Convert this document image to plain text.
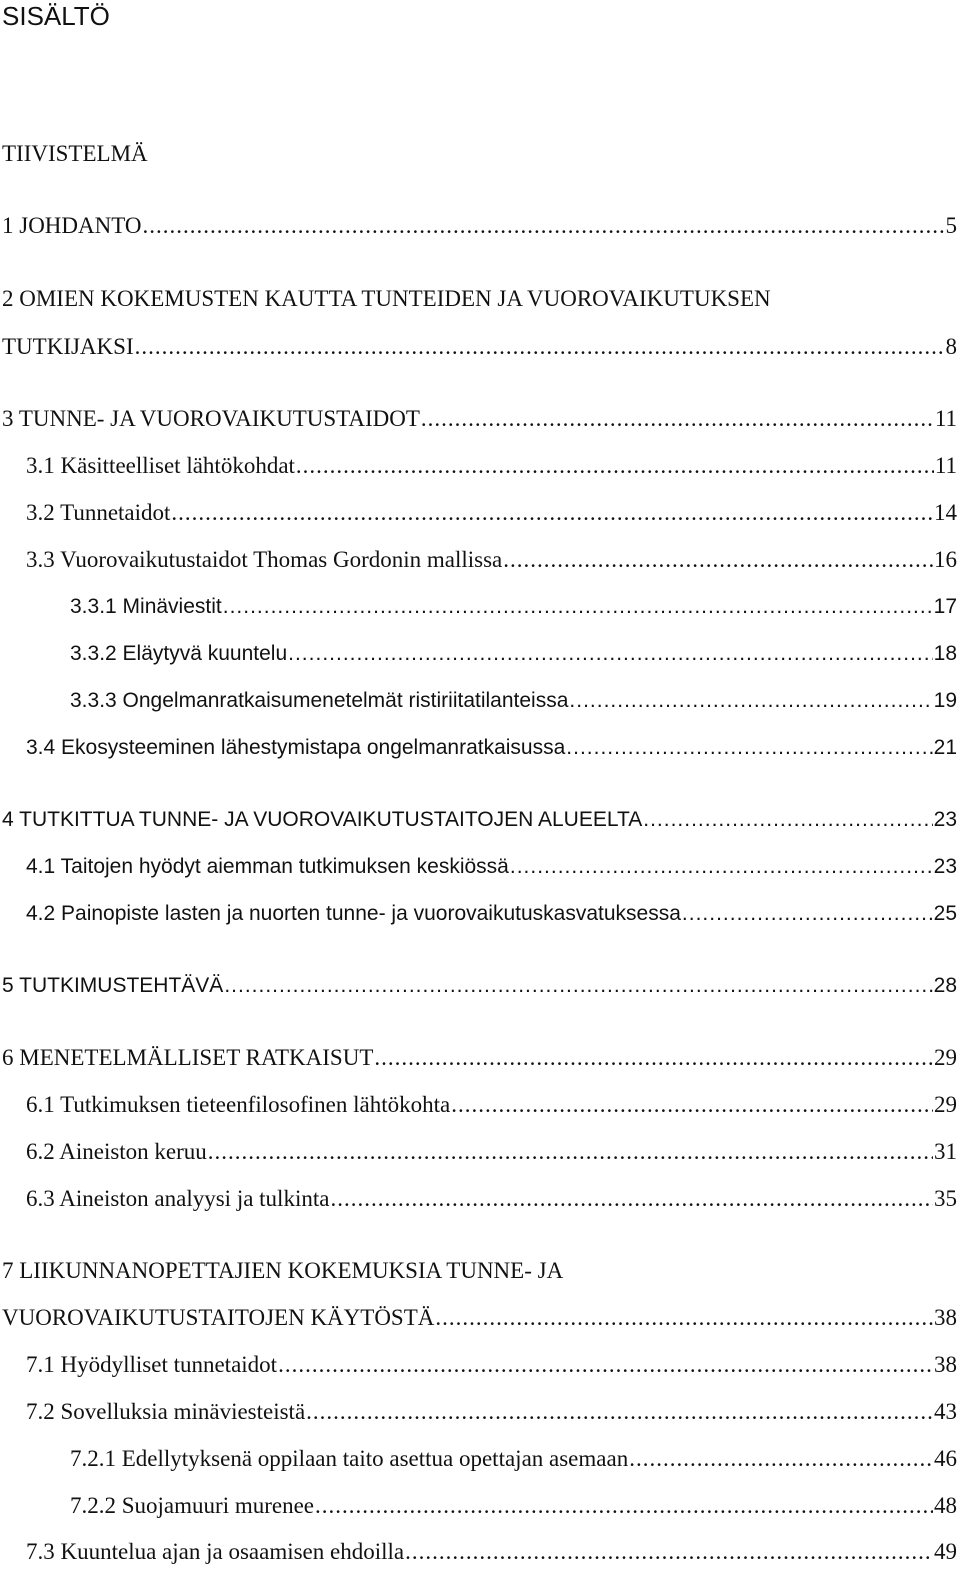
SISÄLTÖ
TIIVISTELMÄ
1 JOHDANTO .....	5
2 OMIEN KOKEMUSTEN KAUTTA TUNTEIDEN JA VUOROVAIKUTUKSEN
TUTKIJAKSI .....	8
3 TUNNE- JA VUOROVAIKUTUSTAIDOT .....	11
3.1 Käsitteelliset lähtökohdat .....	11
3.2 Tunnetaidot .....	14
3.3 Vuorovaikutustaidot Thomas Gordonin mallissa .....	16
3.3.1 Minäviestit .....	17
3.3.2 Eläytyvä kuuntelu .....	18
3.3.3 Ongelmanratkaisumenetelmät ristiriitatilanteissa .....	19
3.4 Ekosysteeminen lähestymistapa ongelmanratkaisussa .....	21
4 TUTKITTUA TUNNE- JA VUOROVAIKUTUSTAITOJEN ALUEELTA .....	23
4.1 Taitojen hyödyt aiemman tutkimuksen keskiössä .....	23
4.2 Painopiste lasten ja nuorten tunne- ja vuorovaikutuskasvatuksessa .....	25
5 TUTKIMUSTEHTÄVÄ .....	28
6 MENETELMÄLLISET RATKAISUT .....	29
6.1 Tutkimuksen tieteenfilosofinen lähtökohta .....	29
6.2 Aineiston keruu .....	31
6.3 Aineiston analyysi ja tulkinta .....	35
7 LIIKUNNANOPETTAJIEN KOKEMUKSIA TUNNE- JA
VUOROVAIKUTUSTAITOJEN KÄYTÖSTÄ .....	38
7.1 Hyödylliset tunnetaidot .....	38
7.2 Sovelluksia minäviesteistä .....	43
7.2.1 Edellytyksenä oppilaan taito asettua opettajan asemaan .....	46
7.2.2 Suojamuuri murenee .....	48
7.3 Kuuntelua ajan ja osaamisen ehdoilla .....	49
